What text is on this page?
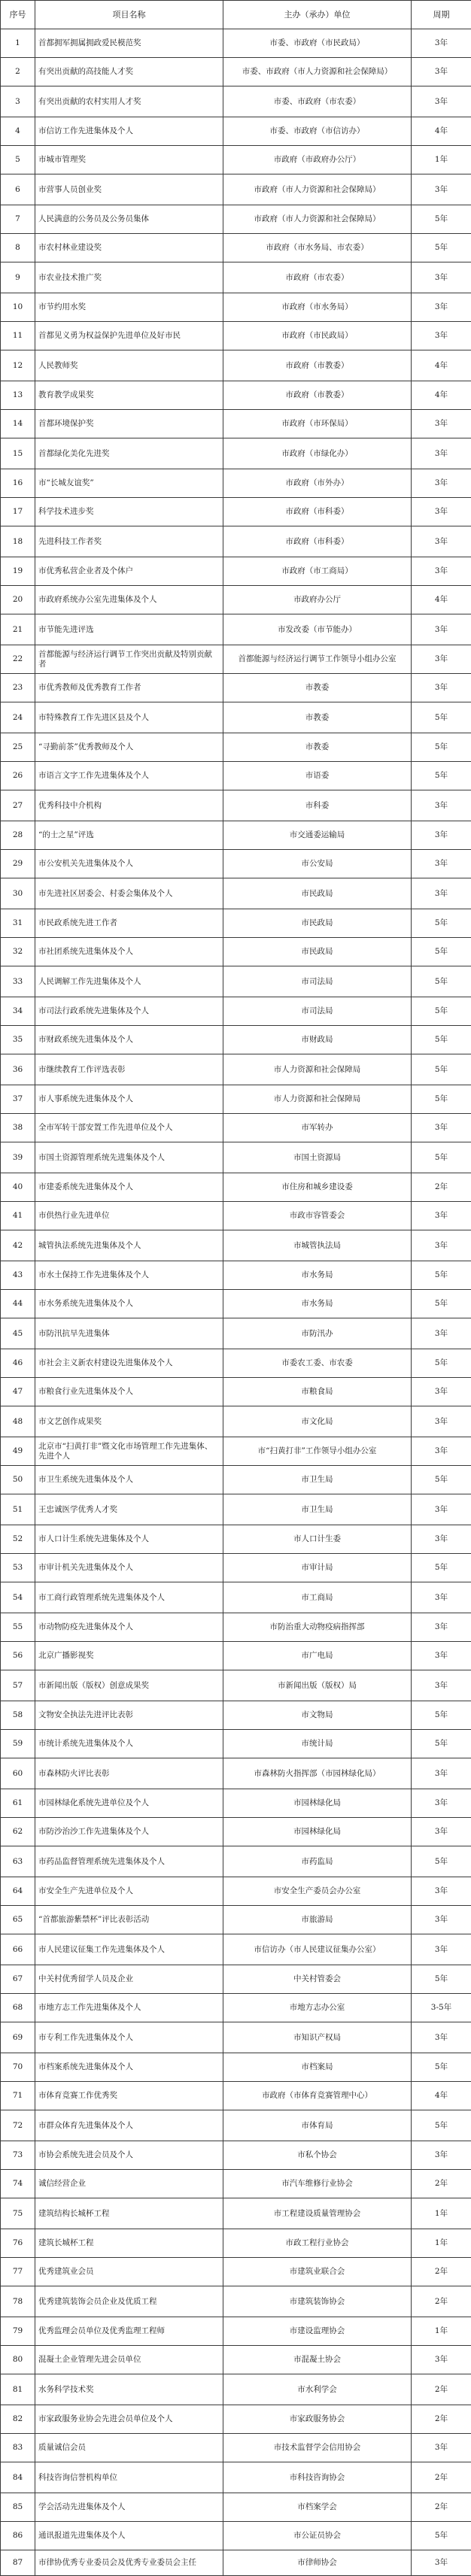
序号	项目名称	主办（承办）单位	周期
1	首都拥军拥属拥政爱民模范奖	市委、市政府（市民政局）	3年
2	有突出贡献的高技能人才奖	市委、市政府（市人力资源和社会保障局）	3年
3	有突出贡献的农村实用人才奖	市委、市政府（市农委）	3年
4	市信访工作先进集体及个人	市委、市政府（市信访办）	4年
5	市城市管理奖	市政府（市政府办公厅）	1年
6	市营事人员创业奖	市政府（市人力资源和社会保障局）	3年
7	人民满意的公务员及公务员集体	市政府（市人力资源和社会保障局）	5年
8	市农村林业建设奖	市政府（市水务局、市农委）	5年
9	市农业技术推广奖	市政府（市农委）	3年
10	市节约用水奖	市政府（市水务局）	3年
11	首都见义勇为权益保护先进单位及好市民	市政府（市民政局）	3年
12	人民教师奖	市政府（市教委）	4年
13	教育教学成果奖	市政府（市教委）	4年
14	首都环境保护奖	市政府（市环保局）	3年
15	首都绿化美化先进奖	市政府（市绿化办）	3年
16	市“长城友谊奖”	市政府（市外办）	3年
17	科学技术进步奖	市政府（市科委）	3年
18	先进科技工作者奖	市政府（市科委）	3年
19	市优秀私营企业者及个体户	市政府（市工商局）	3年
20	市政府系统办公室先进集体及个人	市政府办公厅	4年
21	市节能先进评选	市发改委（市节能办）	3年
22	首都能源与经济运行调节工作突出贡献及特别贡献者	首都能源与经济运行调节工作领导小组办公室	3年
23	市优秀教师及优秀教育工作者	市教委	3年
24	市特殊教育工作先进区县及个人	市教委	5年
25	“寻勤前茶”优秀教师及个人	市教委	5年
26	市语言文字工作先进集体及个人	市语委	5年
27	优秀科技中介机构	市科委	3年
28	“的士之星”评选	市交通委运输局	3年
29	市公安机关先进集体及个人	市公安局	3年
30	市先进社区居委会、村委会集体及个人	市民政局	3年
31	市民政系统先进工作者	市民政局	5年
32	市社团系统先进集体及个人	市民政局	5年
33	人民调解工作先进集体及个人	市司法局	5年
34	市司法行政系统先进集体及个人	市司法局	5年
35	市财政系统先进集体及个人	市财政局	5年
36	市继续教育工作评选表彰	市人力资源和社会保障局	5年
37	市人事系统先进集体及个人	市人力资源和社会保障局	5年
38	全市军转干部安置工作先进单位及个人	市军转办	3年
39	市国土资源管理系统先进集体及个人	市国土资源局	5年
40	市建委系统先进集体及个人	市住房和城乡建设委	2年
41	市供热行业先进单位	市政市容管委会	3年
42	城管执法系统先进集体及个人	市城管执法局	3年
43	市水土保持工作先进集体及个人	市水务局	5年
44	市水务系统先进集体及个人	市水务局	5年
45	市防汛抗旱先进集体	市防汛办	3年
46	市社会主义新农村建设先进集体及个人	市委农工委、市农委	5年
47	市粮食行业先进集体及个人	市粮食局	3年
48	市文艺创作成果奖	市文化局	3年
49	北京市“扫黄打非”暨文化市场管理工作先进集体、先进个人	市“扫黄打非”工作领导小组办公室	3年
50	市卫生系统先进集体及个人	市卫生局	5年
51	王忠诚医学优秀人才奖	市卫生局	3年
52	市人口计生系统先进集体及个人	市人口计生委	3年
53	市审计机关先进集体及个人	市审计局	5年
54	市工商行政管理系统先进集体及个人	市工商局	3年
55	市动物防疫先进集体及个人	市防治重大动物疫病指挥部	3年
56	北京广播影视奖	市广电局	3年
57	市新闻出版（版权）创意成果奖	市新闻出版（版权）局	3年
58	文物安全执法先进评比表彰	市文物局	5年
59	市统计系统先进集体及个人	市统计局	5年
60	市森林防火评比表彰	市森林防火指挥部（市园林绿化局）	3年
61	市园林绿化系统先进单位及个人	市园林绿化局	3年
62	市防沙治沙工作先进集体及个人	市园林绿化局	3年
63	市药品监督管理系统先进集体及个人	市药监局	5年
64	市安全生产先进单位及个人	市安全生产委员会办公室	3年
65	“首都旅游紫禁杯”评比表彰活动	市旅游局	3年
66	市人民建议征集工作先进集体及个人	市信访办（市人民建议征集办公室）	3年
67	中关村优秀留学人员及企业	中关村管委会	5年
68	市地方志工作先进集体及个人	市地方志办公室	3-5年
69	市专利工作先进集体及个人	市知识产权局	3年
70	市档案系统先进集体及个人	市档案局	5年
71	市体育竞赛工作优秀奖	市政府（市体育竞赛管理中心）	4年
72	市群众体育先进集体及个人	市体育局	5年
73	市协会系统先进会员及个人	市私个协会	3年
74	诚信经营企业	市汽车维修行业协会	2年
75	建筑结构长城杯工程	市工程建设质量管理协会	1年
76	建筑长城杯工程	市政工程行业协会	1年
77	优秀建筑业会员	市建筑业联合会	2年
78	优秀建筑装饰会员企业及优质工程	市建筑装饰协会	2年
79	优秀监理会员单位及优秀监理工程师	市建设监理协会	1年
80	混凝土企业管理先进会员单位	市混凝土协会	3年
81	水务科学技术奖	市水利学会	2年
82	市家政服务业协会先进会员单位及个人	市家政服务协会	2年
83	质量诚信会员	市技术监督学会信用协会	3年
84	科技咨询信誉机构单位	市科技咨询协会	2年
85	学会活动先进集体及个人	市档案学会	2年
86	通讯报道先进集体及个人	市公证员协会	5年
87	市律协优秀专业委员会及优秀专业委员会主任	市律师协会	3年
